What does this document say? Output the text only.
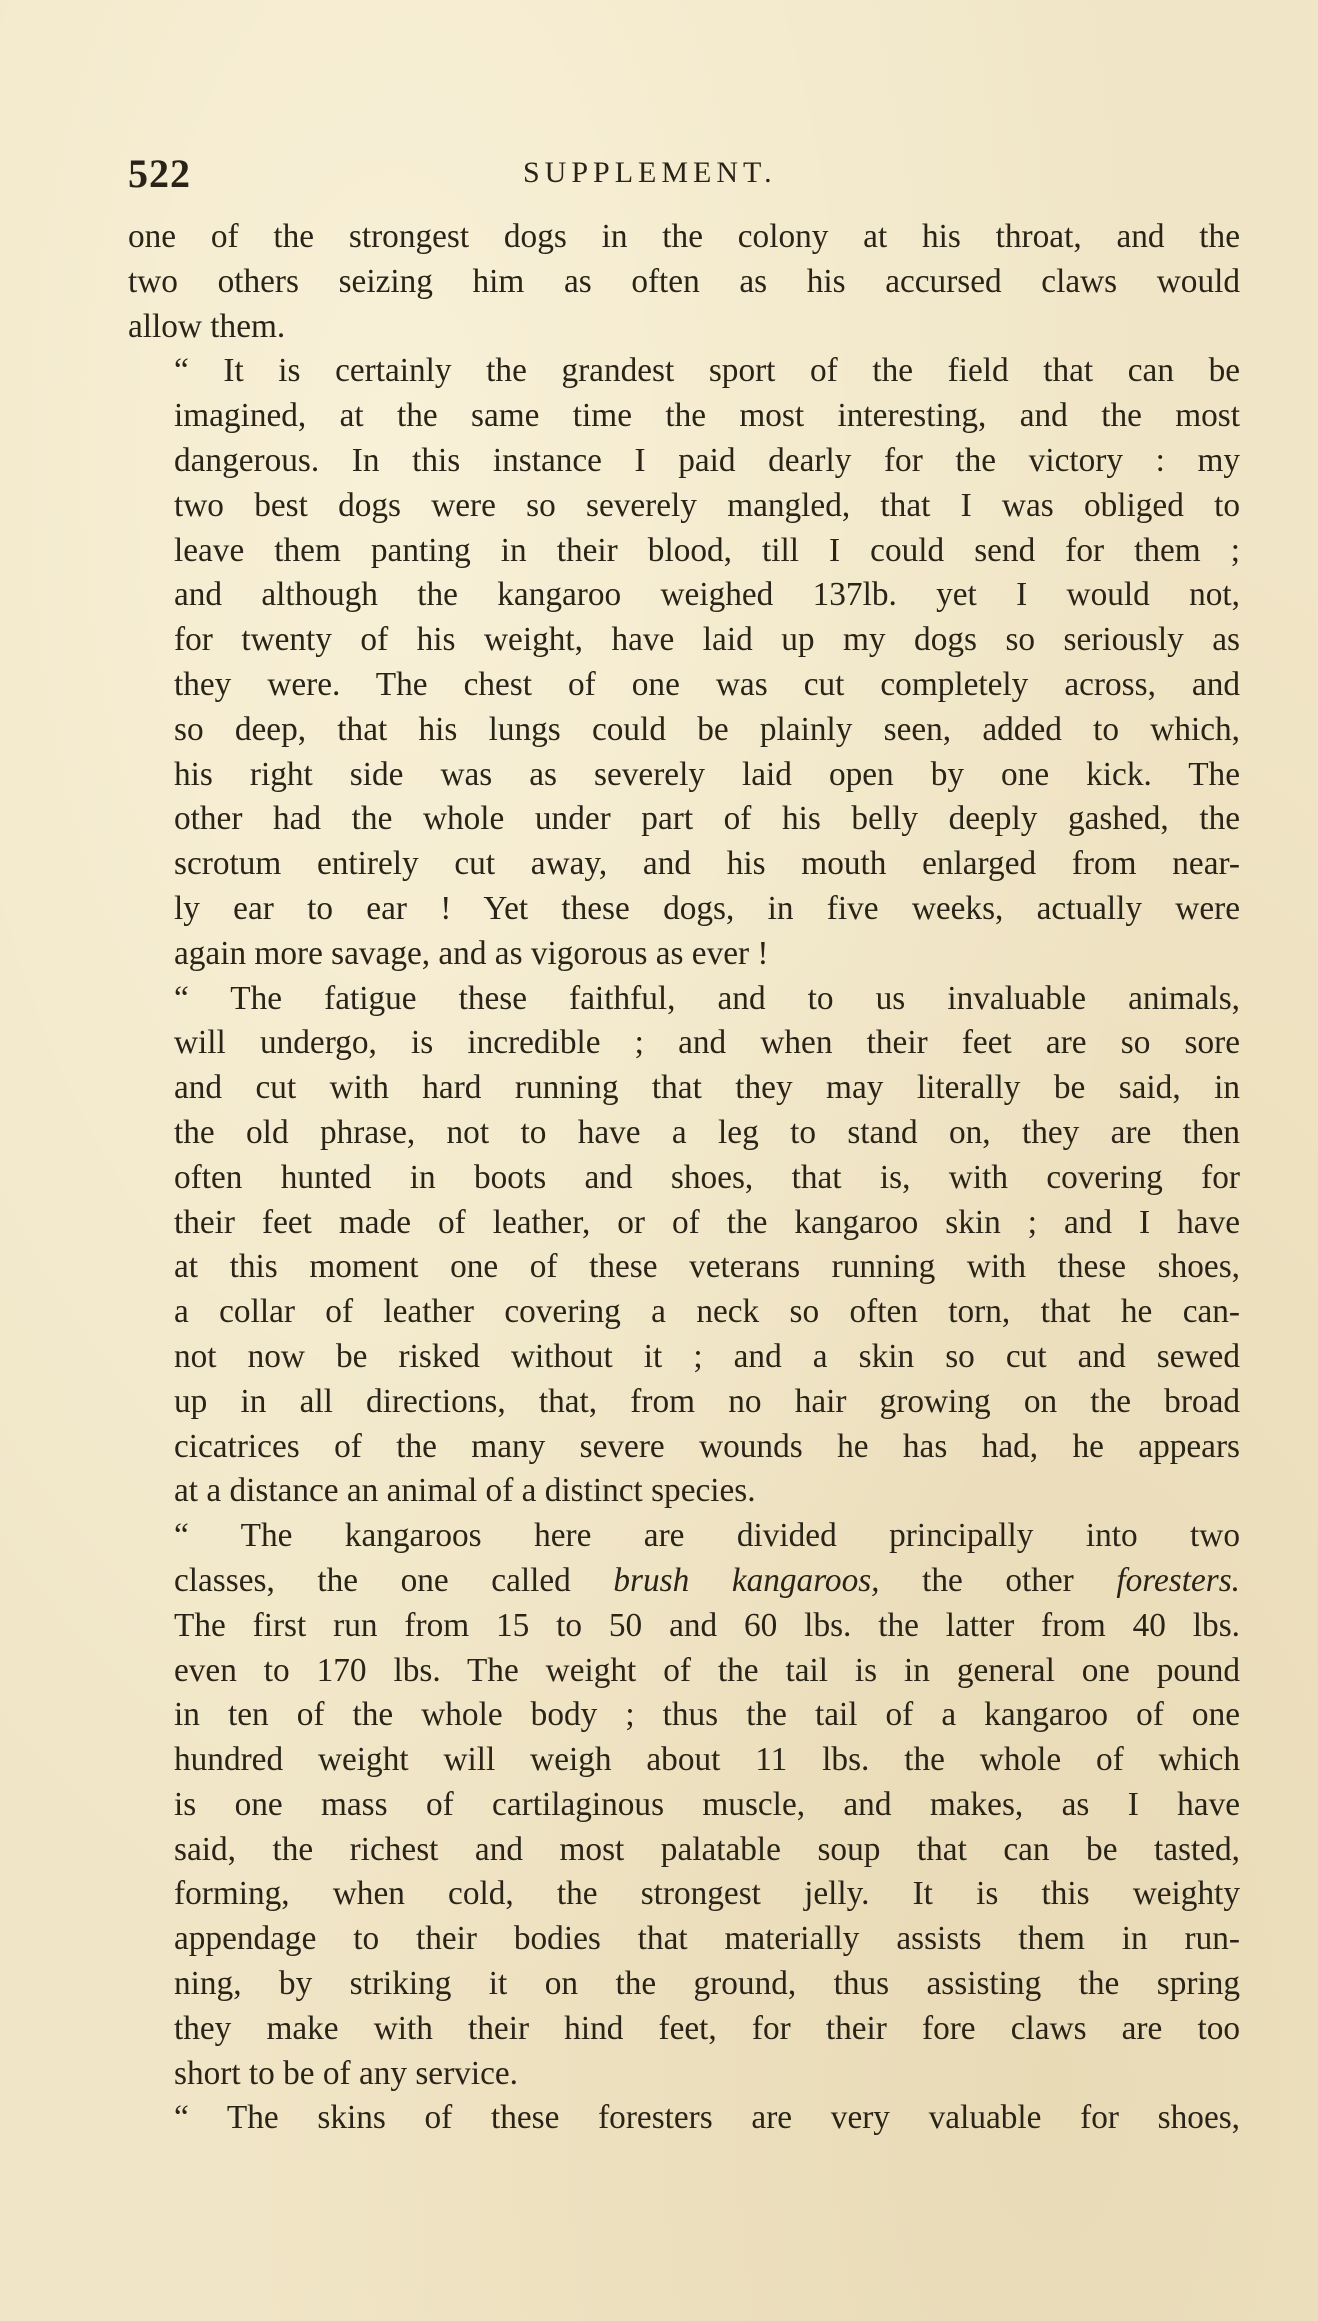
522	SUPPLEMENT.

one of the strongest dogs in the colony at his throat, and the
two others seizing him as often as his accursed claws would
allow them.

“ It is certainly the grandest sport of the field that can be
imagined, at the same time the most interesting, and the most
dangerous. In this instance I paid dearly for the victory : my
two best dogs were so severely mangled, that I was obliged to
leave them panting in their blood, till I could send for them ;
and although the kangaroo weighed 137lb. yet I would not,
for twenty of his weight, have laid up my dogs so seriously as
they were. The chest of one was cut completely across, and
so deep, that his lungs could be plainly seen, added to which,
his right side was as severely laid open by one kick. The
other had the whole under part of his belly deeply gashed, the
scrotum entirely cut away, and his mouth enlarged from near-
ly ear to ear ! Yet these dogs, in five weeks, actually were
again more savage, and as vigorous as ever !

“ The fatigue these faithful, and to us invaluable animals,
will undergo, is incredible ; and when their feet are so sore
and cut with hard running that they may literally be said, in
the old phrase, not to have a leg to stand on, they are then
often hunted in boots and shoes, that is, with covering for
their feet made of leather, or of the kangaroo skin ; and I have
at this moment one of these veterans running with these shoes,
a collar of leather covering a neck so often torn, that he can-
not now be risked without it ; and a skin so cut and sewed
up in all directions, that, from no hair growing on the broad
cicatrices of the many severe wounds he has had, he appears
at a distance an animal of a distinct species.

“ The kangaroos here are divided principally into two
classes, the one called brush kangaroos, the other foresters.
The first run from 15 to 50 and 60 lbs. the latter from 40 lbs.
even to 170 lbs. The weight of the tail is in general one pound
in ten of the whole body ; thus the tail of a kangaroo of one
hundred weight will weigh about 11 lbs. the whole of which
is one mass of cartilaginous muscle, and makes, as I have
said, the richest and most palatable soup that can be tasted,
forming, when cold, the strongest jelly. It is this weighty
appendage to their bodies that materially assists them in run-
ning, by striking it on the ground, thus assisting the spring
they make with their hind feet, for their fore claws are too
short to be of any service.

“ The skins of these foresters are very valuable for shoes,
